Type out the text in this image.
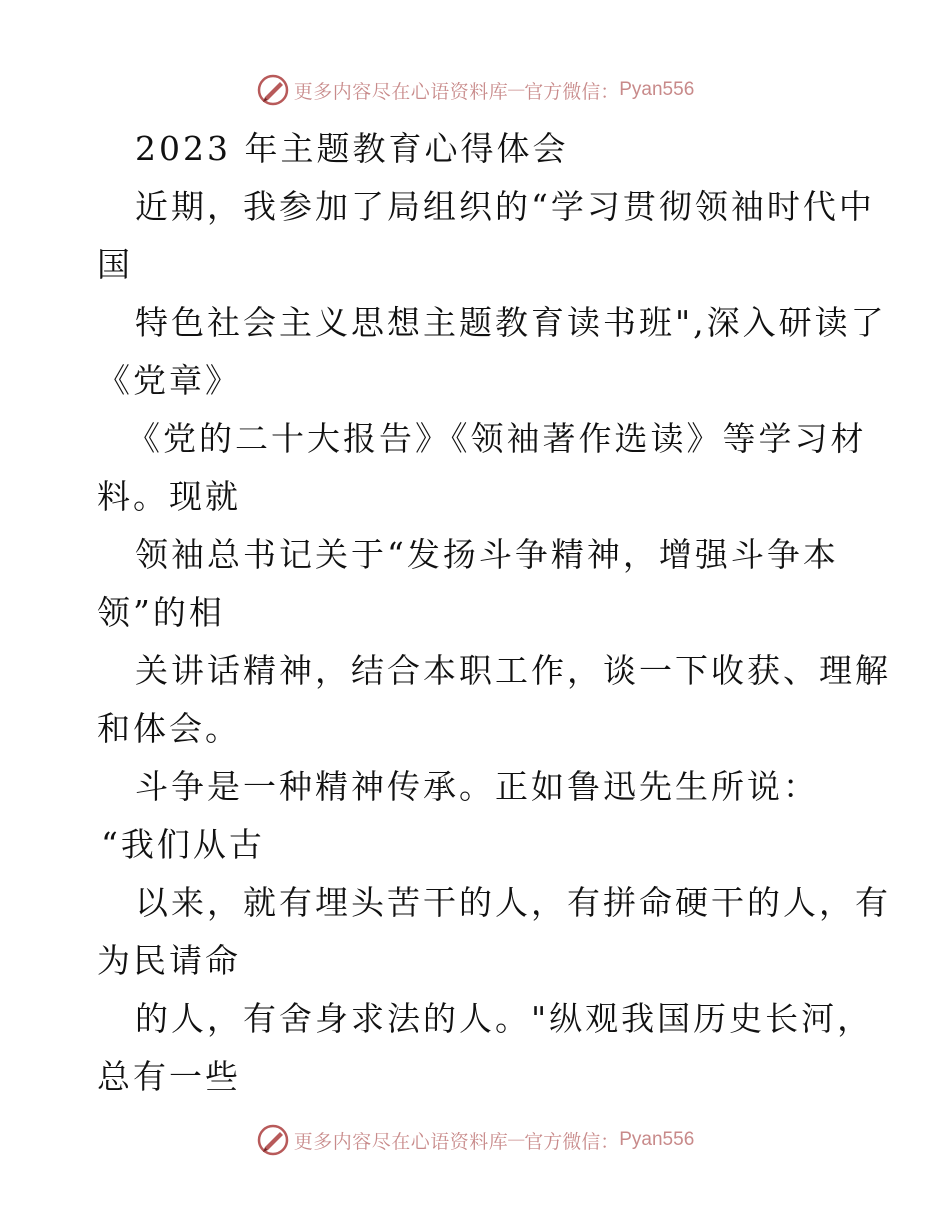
更多内容尽在心语资料库 — 官方微信： Pyan556
2023 年主题教育心得体会
近期，我参加了局组织的“学习贯彻领袖时代中
国
特色社会主义思想主题教育读书班",深入研读了
《党章》
《党的二十大报告》《领袖著作选读》等学习材
料。现就
领袖总书记关于“发扬斗争精神，增强斗争本
领”的相
关讲话精神，结合本职工作，谈一下收获、理解
和体会。
斗争是一种精神传承。正如鲁迅先生所说：
“我们从古
以来，就有埋头苦干的人，有拼命硬干的人，有
为民请命
的人，有舍身求法的人。"纵观我国历史长河，
总有一些
更多内容尽在心语资料库 — 官方微信： Pyan556
